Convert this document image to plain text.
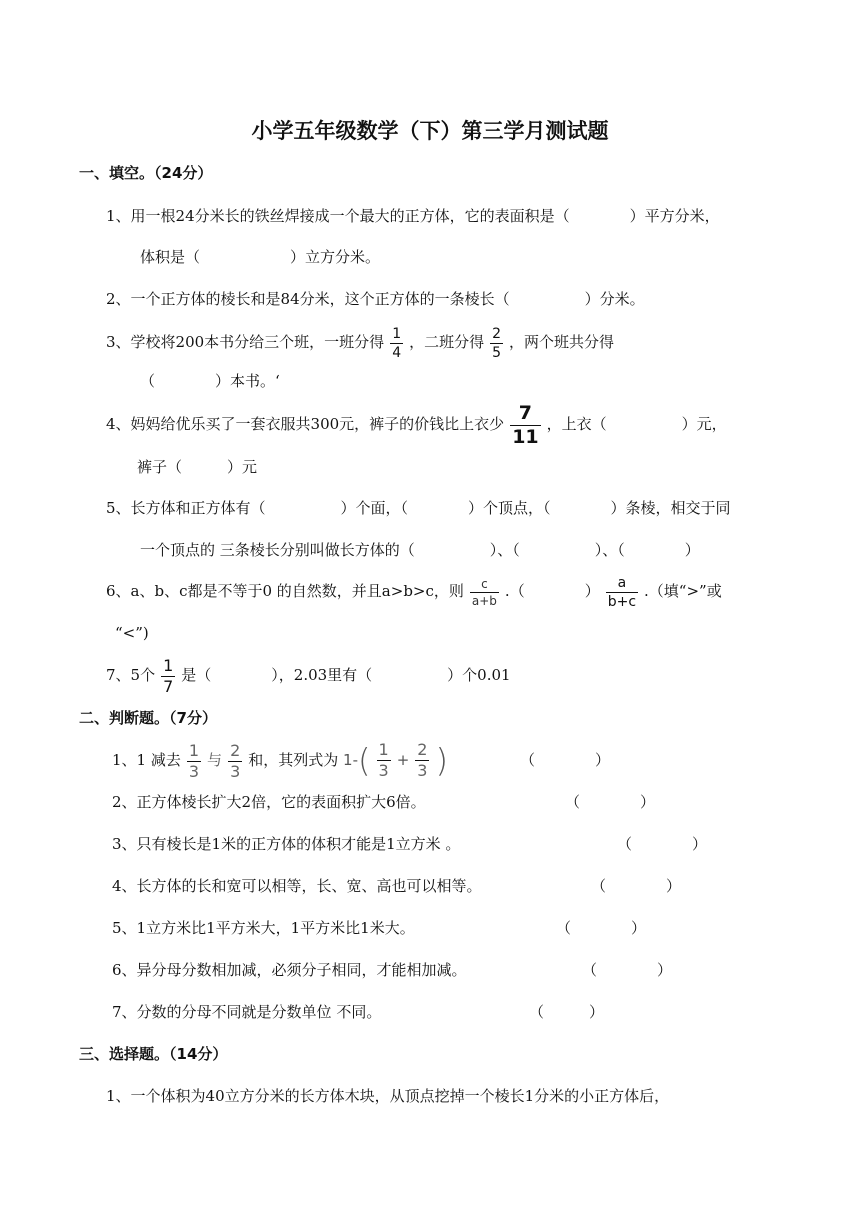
小学五年级数学（下）第三学月测试题
一、填空。（24分）
1、用一根24分米长的铁丝焊接成一个最大的正方体，它的表面积是（　　　　）平方分米，
体积是（　　　　　　）立方分米。
2、一个正方体的棱长和是84分米，这个正方体的一条棱长（　　　　　）分米。
3、学校将200本书分给三个班，一班分得 $\frac{1}{4}$ ，二班分得 $\frac{2}{5}$ ，两个班共分得
（　　　　）本书。‘
4、妈妈给优乐买了一套衣服共300元，裤子的价钱比上衣少 $\frac{7}{11}$ ，上衣（　　　　　）元，
裤子（　　　）元
5、长方体和正方体有（　　　　　）个面，（　　　　）个顶点，（　　　　）条棱，相交于同
一个顶点的 三条棱长分别叫做长方体的（　　　　　）、（　　　　　）、（　　　　）
6、a、b、c都是不等于0 的自然数，并且a>b>c，则 $\frac{c}{a+b}$ .（　　　　） $\frac{a}{b+c}$ .（填“>”或
“<”)
7、5个 $\frac{1}{7}$ 是（　　　　），2.03里有（　　　　　）个0.01
二、判断题。（7分）
1、1 减去 $\frac{1}{3}$ 与 $\frac{2}{3}$ 和，其列式为 $1-( \frac{1}{3} + \frac{2}{3}$ )	（　　　　）
2、正方体棱长扩大2倍，它的表面积扩大6倍。	（　　　　）
3、只有棱长是1米的正方体的体积才能是1立方米 。	（　　　　）
4、长方体的长和宽可以相等，长、宽、高也可以相等。	（　　　　）
5、1立方米比1平方米大，1平方米比1米大。	（　　　　）
6、异分母分数相加减，必须分子相同，才能相加减。	（　　　　）
7、分数的分母不同就是分数单位 不同。	（　　　）
三、选择题。（14分）
1、一个体积为40立方分米的长方体木块，从顶点挖掉一个棱长1分米的小正方体后，
